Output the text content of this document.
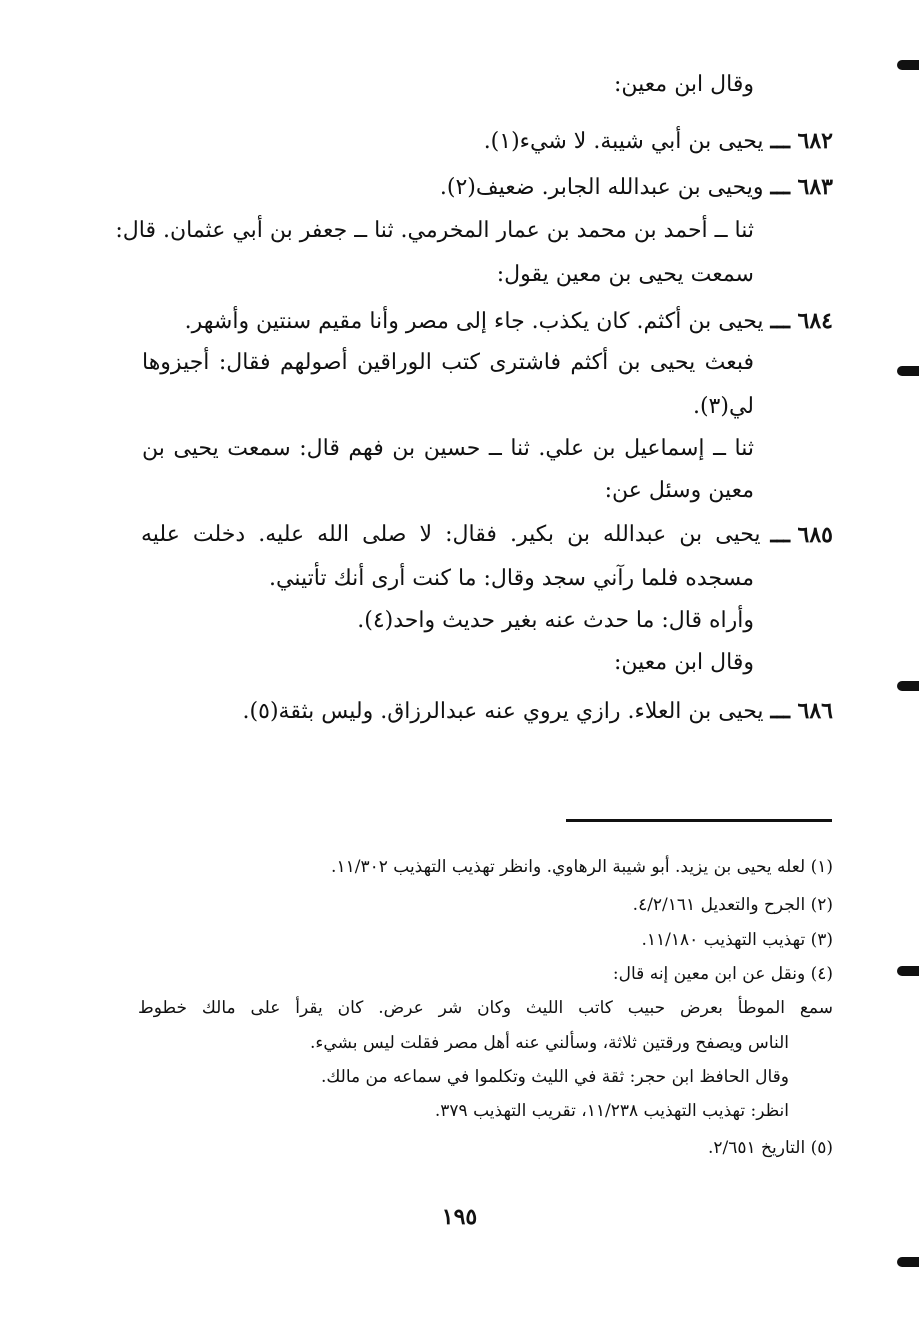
وقال ابن معين:
٦٨٢ ـــ يحيى بن أبي شيبة. لا شيء(١).
٦٨٣ ـــ ويحيى بن عبدالله الجابر. ضعيف(٢).
ثنا ــ أحمد بن محمد بن عمار المخرمي. ثنا ــ جعفر بن أبي عثمان. قال:
سمعت يحيى بن معين يقول:
٦٨٤ ـــ يحيى بن أكثم. كان يكذب. جاء إلى مصر وأنا مقيم سنتين وأشهر.
فبعث يحيى بن أكثم فاشترى كتب الوراقين أصولهم فقال: أجيزوها
لي(٣).
ثنا ــ إسماعيل بن علي. ثنا ــ حسين بن فهم قال: سمعت يحيى بن
معين وسئل عن:
٦٨٥ ـــ
يحيى بن عبدالله بن بكير. فقال: لا صلى الله عليه. دخلت عليه
مسجده فلما رآني سجد وقال: ما كنت أرى أنك تأتيني.
وأراه قال: ما حدث عنه بغير حديث واحد(٤).
وقال ابن معين:
٦٨٦ ـــ يحيى بن العلاء. رازي يروي عنه عبدالرزاق. وليس بثقة(٥).
(١) لعله يحيى بن يزيد. أبو شيبة الرهاوي. وانظر تهذيب التهذيب ١١/٣٠٢.
(٢) الجرح والتعديل ٤/٢/١٦١.
(٣) تهذيب التهذيب ١١/١٨٠.
(٤) ونقل عن ابن معين إنه قال:
سمع الموطأ بعرض حبيب كاتب الليث وكان شر عرض. كان يقرأ على مالك خطوط
الناس ويصفح ورقتين ثلاثة، وسألني عنه أهل مصر فقلت ليس بشيء.
وقال الحافظ ابن حجر: ثقة في الليث وتكلموا في سماعه من مالك.
انظر: تهذيب التهذيب ١١/٢٣٨، تقريب التهذيب ٣٧٩.
(٥) التاريخ ٢/٦٥١.
١٩٥
